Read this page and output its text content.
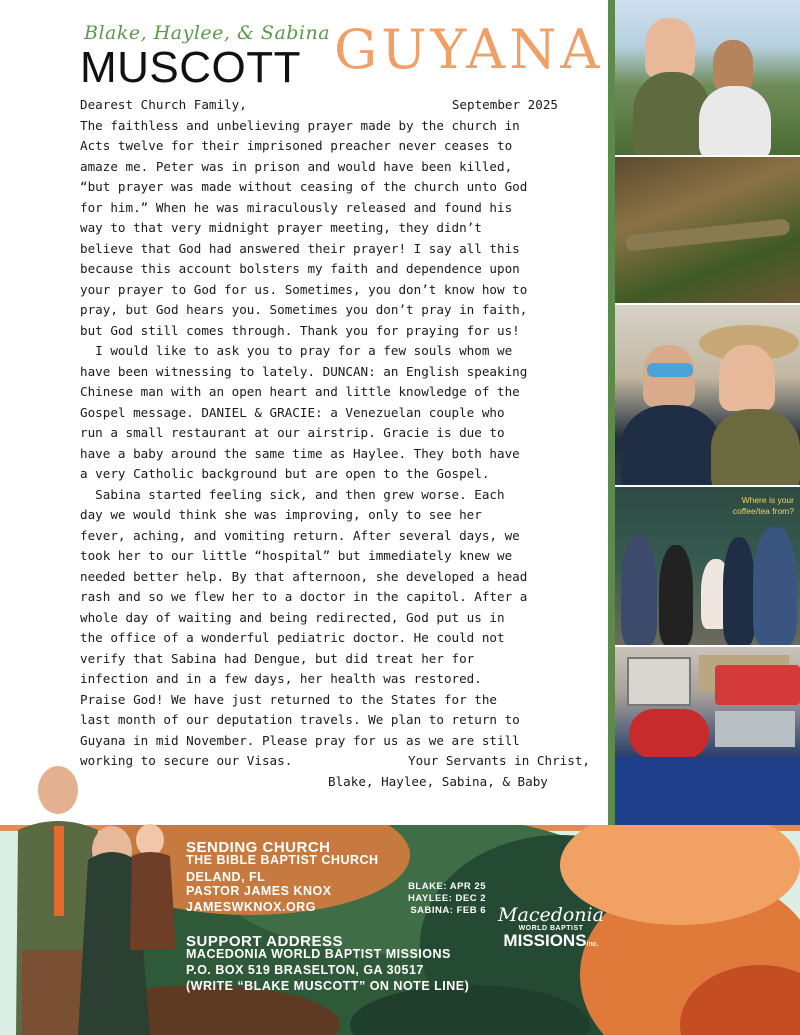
Blake, Haylee, & Sabina
MUSCOTT GUYANA
Dearest Church Family,	September 2025

The faithless and unbelieving prayer made by the church in

Acts twelve for their imprisoned preacher never ceases to

amaze me. Peter was in prison and would have been killed,

“but prayer was made without ceasing of the church unto God

for him.” When he was miraculously released and found his

way to that very midnight prayer meeting, they didn’t

believe that God had answered their prayer! I say all this

because this account bolsters my faith and dependence upon

your prayer to God for us. Sometimes, you don’t know how to

pray, but God hears you. Sometimes you don’t pray in faith,

but God still comes through. Thank you for praying for us!

I would like to ask you to pray for a few souls whom we

have been witnessing to lately. DUNCAN: an English speaking

Chinese man with an open heart and little knowledge of the

Gospel message. DANIEL & GRACIE: a Venezuelan couple who

run a small restaurant at our airstrip. Gracie is due to

have a baby around the same time as Haylee. They both have

a very Catholic background but are open to the Gospel.

Sabina started feeling sick, and then grew worse. Each

day we would think she was improving, only to see her

fever, aching, and vomiting return. After several days, we

took her to our little “hospital” but immediately knew we

needed better help. By that afternoon, she developed a head

rash and so we flew her to a doctor in the capitol. After a

whole day of waiting and being redirected, God put us in

the office of a wonderful pediatric doctor. He could not

verify that Sabina had Dengue, but did treat her for

infection and in a few days, her health was restored.

Praise God! We have just returned to the States for the

last month of our deputation travels. We plan to return to

Guyana in mid November. Please pray for us as we are still

working to secure our Visas.	Your Servants in Christ,
Blake, Haylee, Sabina, & Baby
Where is your coffee/tea from?
SENDING CHURCH
THE BIBLE BAPTIST CHURCH
DELAND, FL
PASTOR JAMES KNOX
JAMESWKNOX.ORG
BLAKE: APR 25
HAYLEE: DEC 2
SABINA: FEB 6
SUPPORT ADDRESS
MACEDONIA WORLD BAPTIST MISSIONS
P.O. BOX 519 BRASELTON, GA 30517
(WRITE “BLAKE MUSCOTT” ON NOTE LINE)
Macedonia
WORLD BAPTIST
MISSIONSinc.
